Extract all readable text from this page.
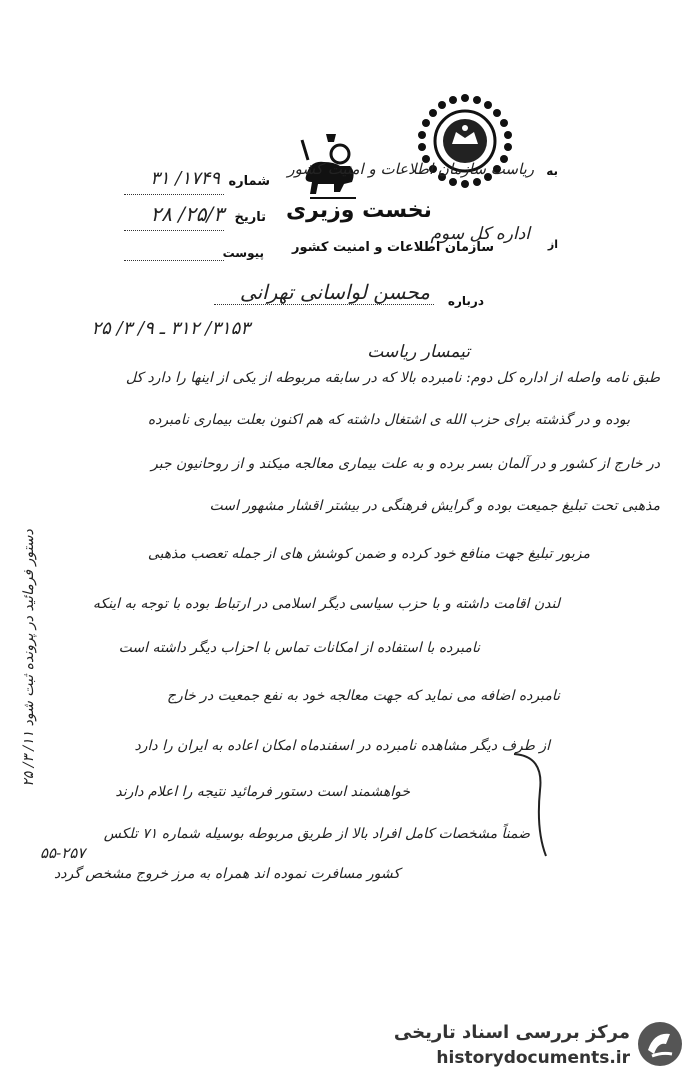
نخست وزیری
سازمان اطلاعات و امنیت کشور
به
ریاست سازمان اطلاعات و امنیت کشور
از
اداره کل سوم
شماره
۱۷۴۹/ ۳۱
تاریخ
۲۵/۳/ ۲۸
پیوست
درباره
محسن لواسانی تهرانی
۳۱۵۳/ ۳۱۲ ـ ۹/ ۳/ ۲۵
تیمسار ریاست
طبق نامه واصله از اداره کل دوم: نامبرده بالا که در سابقه مربوطه از یکی از اینها را دارد کل
بوده و در گذشته برای حزب الله ی اشتغال داشته که هم اکنون بعلت بیماری نامبرده
در خارج از کشور و در آلمان بسر برده و به علت بیماری معالجه میکند و از روحانیون جبر
مذهبی تحت تبلیغ جمیعت بوده و گرایش فرهنگی در بیشتر اقشار مشهور است
مزبور تبلیغ جهت منافع خود کرده و ضمن کوشش های از جمله تعصب مذهبی
لندن اقامت داشته و با حزب سیاسی دیگر اسلامی در ارتباط بوده با توجه به اینکه
نامبرده با استفاده از امکانات تماس با احزاب دیگر داشته است
نامبرده اضافه می نماید که جهت معالجه خود به نفع جمعیت در خارج
از طرف دیگر مشاهده نامبرده در اسفندماه امکان اعاده به ایران را دارد
خواهشمند است دستور فرمائید نتیجه را اعلام دارند
ضمناً مشخصات کامل افراد بالا از طریق مربوطه بوسیله شماره ۷۱ تلکس
کشور مسافرت نموده اند همراه به مرز خروج مشخص گردد
۵۵-۲۵۷
دستور فرمائید در پرونده ثبت شود ۱۱/ ۳/ ۲۵
مرکز بررسی اسناد تاریخی
historydocuments.ir
